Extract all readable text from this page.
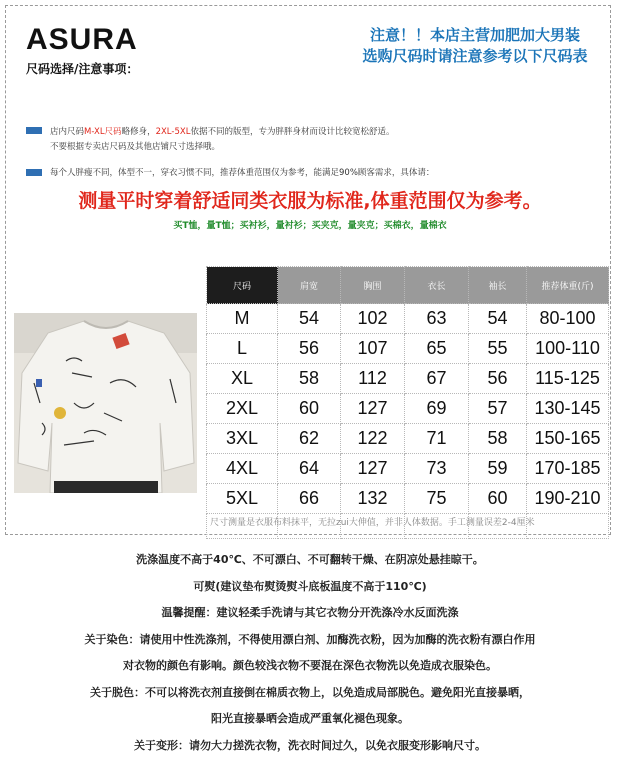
ASURA
尺码选择/注意事项：
注意！！本店主营加肥加大男装
选购尺码时请注意参考以下尺码表
店内尺码M-XL尺码略修身，2XL-5XL依据不同的版型，专为胖胖身材而设计比较宽松舒适。
不要根据专卖店尺码及其他店铺尺寸选择哦。
每个人胖瘦不同，体型不一，穿衣习惯不同，推荐体重范围仅为参考，能满足90%顾客需求，具体请：
测量平时穿着舒适同类衣服为标准,体重范围仅为参考。
买T恤，量T恤；买衬衫，量衬衫；买夹克，量夹克；买棉衣，量棉衣
尺码	肩宽	胸围	衣长	袖长	推荐体重(斤)
M	54	102	63	54	80-100
L	56	107	65	55	100-110
XL	58	112	67	56	115-125
2XL	60	127	69	57	130-145
3XL	62	122	71	58	150-165
4XL	64	127	73	59	170-185
5XL	66	132	75	60	190-210

尺寸测量是衣服布料抹平，无拉zui大伸值，并非人体数据。手工测量误差2-4厘米
洗涤温度不高于40℃、不可漂白、不可翻转干燥、在阴凉处悬挂晾干。
可熨(建议垫布熨烫熨斗底板温度不高于110℃)
温馨提醒：建议轻柔手洗请与其它衣物分开洗涤冷水反面洗涤
关于染色：请使用中性洗涤剂，不得使用漂白剂、加酶洗衣粉，因为加酶的洗衣粉有漂白作用
对衣物的颜色有影响。颜色较浅衣物不要混在深色衣物洗以免造成衣服染色。
关于脱色：不可以将洗衣剂直接倒在棉质衣物上，以免造成局部脱色。避免阳光直接暴晒，
阳光直接暴晒会造成严重氧化褪色现象。
关于变形：请勿大力搓洗衣物，洗衣时间过久，以免衣服变形影响尺寸。
